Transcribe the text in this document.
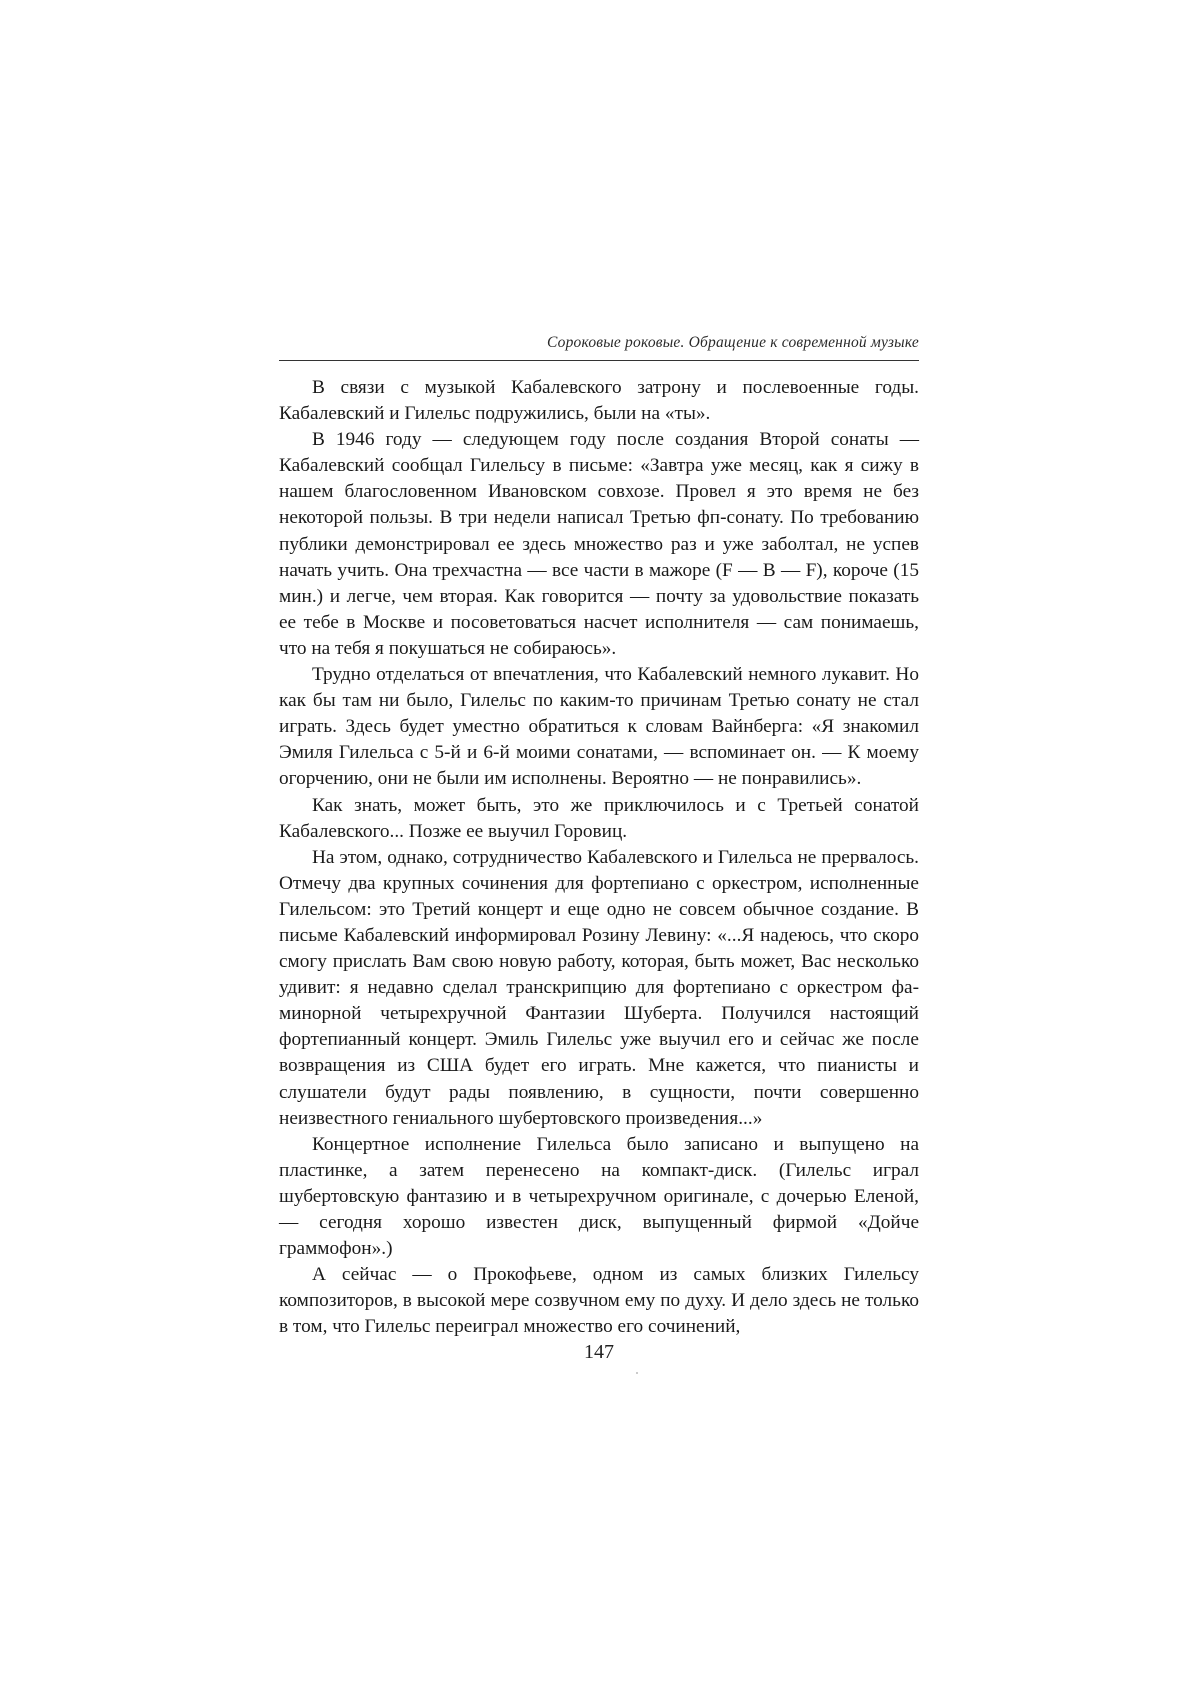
Сороковые роковые. Обращение к современной музыке

В связи с музыкой Кабалевского затрону и послевоенные годы. Кабалевский и Гилельс подружились, были на «ты».

В 1946 году — следующем году после создания Второй сонаты — Кабалевский сообщал Гилельсу в письме: «Завтра уже месяц, как я сижу в нашем благословенном Ивановском совхозе. Провел я это время не без некоторой пользы. В три недели написал Третью фп-сонату. По требованию публики демонстрировал ее здесь множество раз и уже заболтал, не успев начать учить. Она трехчастна — все части в мажоре (F — B — F), короче (15 мин.) и легче, чем вторая. Как говорится — почту за удовольствие показать ее тебе в Москве и посоветоваться насчет исполнителя — сам понимаешь, что на тебя я покушаться не собираюсь».

Трудно отделаться от впечатления, что Кабалевский немного лукавит. Но как бы там ни было, Гилельс по каким-то причинам Третью сонату не стал играть. Здесь будет уместно обратиться к словам Вайнберга: «Я знакомил Эмиля Гилельса с 5-й и 6-й моими сонатами, — вспоминает он. — К моему огорчению, они не были им исполнены. Вероятно — не понравились».

Как знать, может быть, это же приключилось и с Третьей сонатой Кабалевского... Позже ее выучил Горовиц.

На этом, однако, сотрудничество Кабалевского и Гилельса не прервалось. Отмечу два крупных сочинения для фортепиано с оркестром, исполненные Гилельсом: это Третий концерт и еще одно не совсем обычное создание. В письме Кабалевский информировал Розину Левину: «...Я надеюсь, что скоро смогу прислать Вам свою новую работу, которая, быть может, Вас несколько удивит: я недавно сделал транскрипцию для фортепиано с оркестром фа-минорной четырехручной Фантазии Шуберта. Получился настоящий фортепианный концерт. Эмиль Гилельс уже выучил его и сейчас же после возвращения из США будет его играть. Мне кажется, что пианисты и слушатели будут рады появлению, в сущности, почти совершенно неизвестного гениального шубертовского произведения...»

Концертное исполнение Гилельса было записано и выпущено на пластинке, а затем перенесено на компакт-диск. (Гилельс играл шубертовскую фантазию и в четырехручном оригинале, с дочерью Еленой, — сегодня хорошо известен диск, выпущенный фирмой «Дойче граммофон».)

А сейчас — о Прокофьеве, одном из самых близких Гилельсу композиторов, в высокой мере созвучном ему по духу. И дело здесь не только в том, что Гилельс переиграл множество его сочинений,

147
